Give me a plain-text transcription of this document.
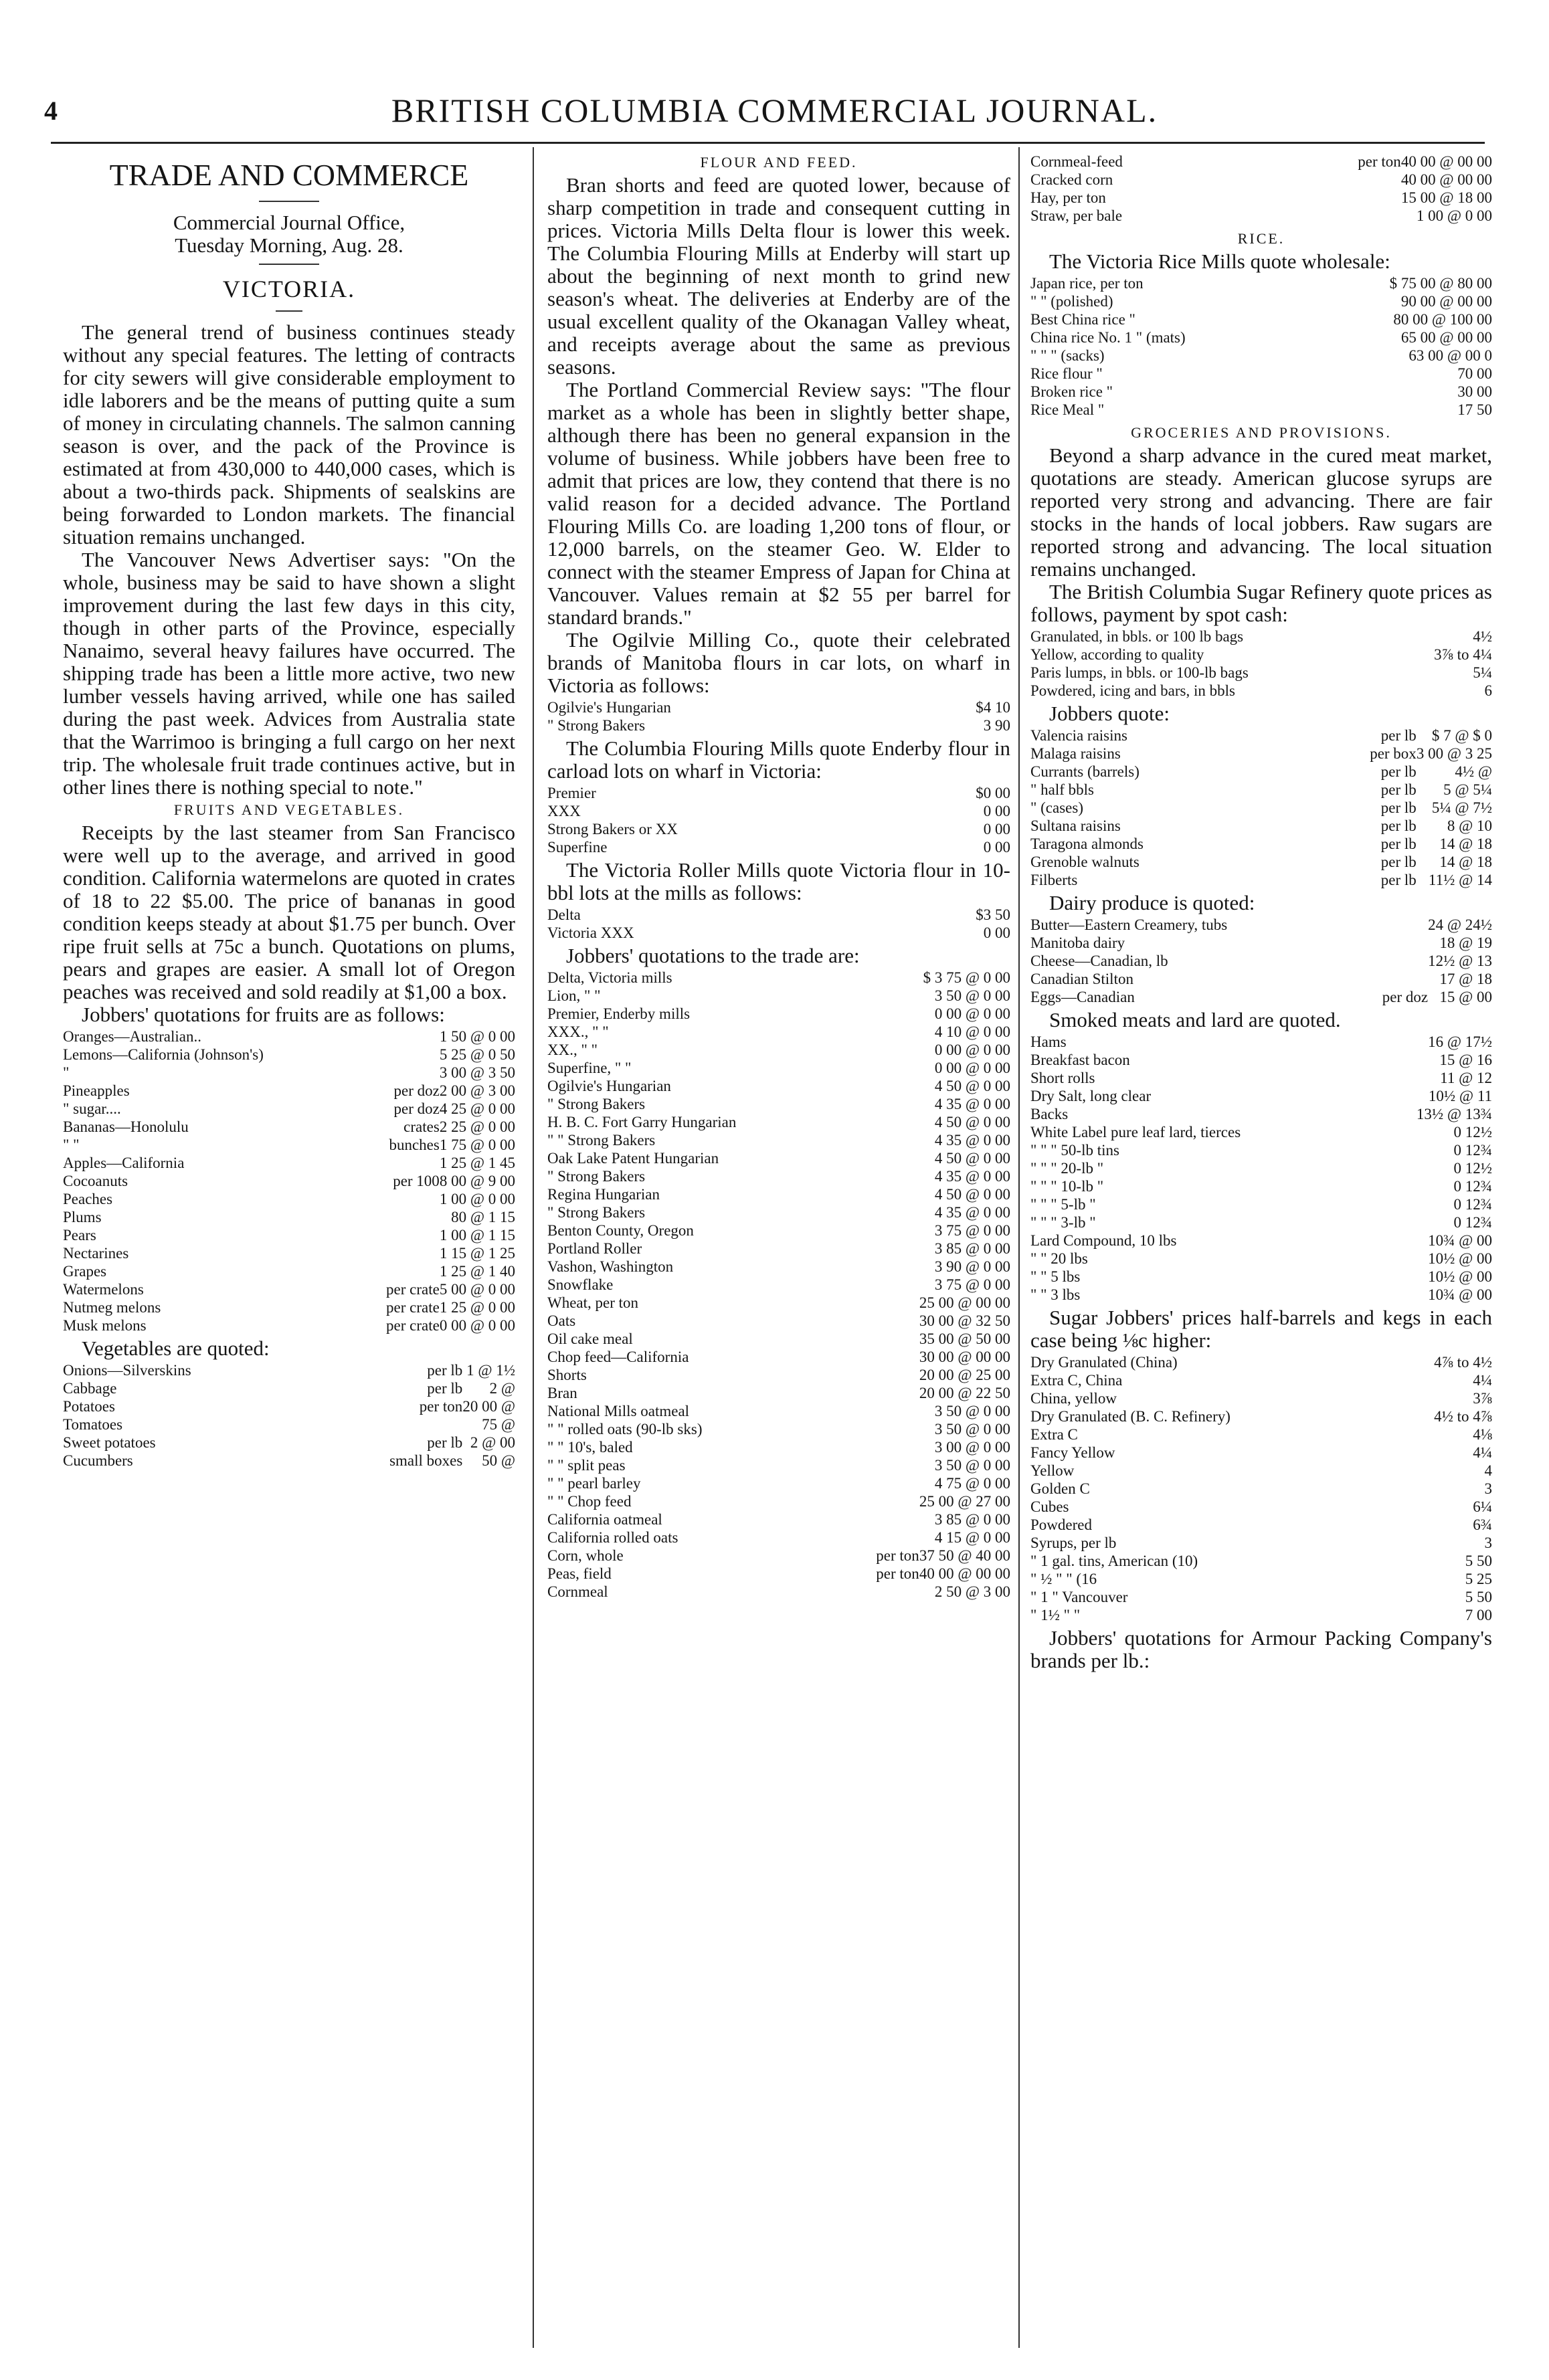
4	BRITISH COLUMBIA COMMERCIAL JOURNAL.

TRADE AND COMMERCE

Commercial Journal Office,

Tuesday Morning, Aug. 28.

VICTORIA.

The general trend of business continues steady without any special features. The letting of contracts for city sewers will give considerable employment to idle laborers and be the means of putting quite a sum of money in circulating channels. The salmon canning season is over, and the pack of the Province is estimated at from 430,000 to 440,000 cases, which is about a two-thirds pack. Shipments of sealskins are being forwarded to London markets. The financial situation remains unchanged.

The Vancouver News Advertiser says: "On the whole, business may be said to have shown a slight improvement during the last few days in this city, though in other parts of the Province, especially Nanaimo, several heavy failures have occurred. The shipping trade has been a little more active, two new lumber vessels having arrived, while one has sailed during the past week. Advices from Australia state that the Warrimoo is bringing a full cargo on her next trip. The wholesale fruit trade continues active, but in other lines there is nothing special to note."

FRUITS AND VEGETABLES.

Receipts by the last steamer from San Francisco were well up to the average, and arrived in good condition. California watermelons are quoted in crates of 18 to 22 $5.00. The price of bananas in good condition keeps steady at about $1.75 per bunch. Over ripe fruit sells at 75c a bunch. Quotations on plums, pears and grapes are easier. A small lot of Oregon peaches was received and sold readily at $1,00 a box.

Jobbers' quotations for fruits are as follows:

Oranges—Australian..		1 50 @ 0 00
Lemons—California (Johnson's)		5 25 @ 0 50
"		3 00 @ 3 50
Pineapples	per doz	2 00 @ 3 00
" sugar....	per doz	4 25 @ 0 00
Bananas—Honolulu	crates	2 25 @ 0 00
" "	bunches	1 75 @ 0 00
Apples—California		1 25 @ 1 45
Cocoanuts	per 100	8 00 @ 9 00
Peaches		1 00 @ 0 00
Plums		80 @ 1 15
Pears		1 00 @ 1 15
Nectarines		1 15 @ 1 25
Grapes		1 25 @ 1 40
Watermelons	per crate	5 00 @ 0 00
Nutmeg melons	per crate	1 25 @ 0 00
Musk melons	per crate	0 00 @ 0 00

Vegetables are quoted:

Onions—Silverskins	per lb	1 @ 1½
Cabbage	per lb	2 @
Potatoes	per ton	20 00 @
Tomatoes		75 @
Sweet potatoes	per lb	2 @ 00
Cucumbers	small boxes	50 @

FLOUR AND FEED.

Bran shorts and feed are quoted lower, because of sharp competition in trade and consequent cutting in prices. Victoria Mills Delta flour is lower this week. The Columbia Flouring Mills at Enderby will start up about the beginning of next month to grind new season's wheat. The deliveries at Enderby are of the usual excellent quality of the Okanagan Valley wheat, and receipts average about the same as previous seasons.

The Portland Commercial Review says: "The flour market as a whole has been in slightly better shape, although there has been no general expansion in the volume of business. While jobbers have been free to admit that prices are low, they contend that there is no valid reason for a decided advance. The Portland Flouring Mills Co. are loading 1,200 tons of flour, or 12,000 barrels, on the steamer Geo. W. Elder to connect with the steamer Empress of Japan for China at Vancouver. Values remain at $2 55 per barrel for standard brands."

The Ogilvie Milling Co., quote their celebrated brands of Manitoba flours in car lots, on wharf in Victoria as follows:

Ogilvie's Hungarian		$4 10
" Strong Bakers		3 90

The Columbia Flouring Mills quote Enderby flour in carload lots on wharf in Victoria:

Premier		$0 00
XXX		0 00
Strong Bakers or XX		0 00
Superfine		0 00

The Victoria Roller Mills quote Victoria flour in 10-bbl lots at the mills as follows:

Delta		$3 50
Victoria XXX		0 00

Jobbers' quotations to the trade are:

Delta, Victoria mills		$ 3 75 @ 0 00
Lion, " "		3 50 @ 0 00
Premier, Enderby mills		0 00 @ 0 00
XXX., " "		4 10 @ 0 00
XX., " "		0 00 @ 0 00
Superfine, " "		0 00 @ 0 00
Ogilvie's Hungarian		4 50 @ 0 00
" Strong Bakers		4 35 @ 0 00
H. B. C. Fort Garry Hungarian		4 50 @ 0 00
" " Strong Bakers		4 35 @ 0 00
Oak Lake Patent Hungarian		4 50 @ 0 00
" Strong Bakers		4 35 @ 0 00
Regina Hungarian		4 50 @ 0 00
" Strong Bakers		4 35 @ 0 00
Benton County, Oregon		3 75 @ 0 00
Portland Roller		3 85 @ 0 00
Vashon, Washington		3 90 @ 0 00
Snowflake		3 75 @ 0 00
Wheat, per ton		25 00 @ 00 00
Oats		30 00 @ 32 50
Oil cake meal		35 00 @ 50 00
Chop feed—California		30 00 @ 00 00
Shorts		20 00 @ 25 00
Bran		20 00 @ 22 50
National Mills oatmeal		3 50 @ 0 00
" " rolled oats (90-lb sks)		3 50 @ 0 00
" " 10's, baled		3 00 @ 0 00
" " split peas		3 50 @ 0 00
" " pearl barley		4 75 @ 0 00
" " Chop feed		25 00 @ 27 00
California oatmeal		3 85 @ 0 00
California rolled oats		4 15 @ 0 00
Corn, whole	per ton	37 50 @ 40 00
Peas, field	per ton	40 00 @ 00 00
Cornmeal		2 50 @ 3 00
Cornmeal-feed	per ton	40 00 @ 00 00
Cracked corn		40 00 @ 00 00
Hay, per ton		15 00 @ 18 00
Straw, per bale		1 00 @ 0 00

RICE.

The Victoria Rice Mills quote wholesale:

Japan rice, per ton		$ 75 00 @ 80 00
" " (polished)		90 00 @ 00 00
Best China rice "		80 00 @ 100 00
China rice No. 1 " (mats)		65 00 @ 00 00
" " " (sacks)		63 00 @ 00 0
Rice flour "		70 00
Broken rice "		30 00
Rice Meal "		17 50

GROCERIES AND PROVISIONS.

Beyond a sharp advance in the cured meat market, quotations are steady. American glucose syrups are reported very strong and advancing. There are fair stocks in the hands of local jobbers. Raw sugars are reported strong and advancing. The local situation remains unchanged.

The British Columbia Sugar Refinery quote prices as follows, payment by spot cash:

Granulated, in bbls. or 100 lb bags		4½
Yellow, according to quality		3⅞ to 4¼
Paris lumps, in bbls. or 100-lb bags		5¼
Powdered, icing and bars, in bbls		6

Jobbers quote:

Valencia raisins	per lb	$ 7 @ $ 0
Malaga raisins	per box	3 00 @ 3 25
Currants (barrels)	per lb	4½ @
" half bbls	per lb	5 @ 5¼
" (cases)	per lb	5¼ @ 7½
Sultana raisins	per lb	8 @ 10
Taragona almonds	per lb	14 @ 18
Grenoble walnuts	per lb	14 @ 18
Filberts	per lb	11½ @ 14

Dairy produce is quoted:

Butter—Eastern Creamery, tubs		24 @ 24½
Manitoba dairy		18 @ 19
Cheese—Canadian, lb		12½ @ 13
Canadian Stilton		17 @ 18
Eggs—Canadian	per doz	15 @ 00

Smoked meats and lard are quoted.

Hams		16 @ 17½
Breakfast bacon		15 @ 16
Short rolls		11 @ 12
Dry Salt, long clear		10½ @ 11
Backs		13½ @ 13¾
White Label pure leaf lard, tierces		0 12½
" " " 50-lb tins		0 12¾
" " " 20-lb "		0 12½
" " " 10-lb "		0 12¾
" " " 5-lb "		0 12¾
" " " 3-lb "		0 12¾
Lard Compound, 10 lbs		10¾ @ 00
" " 20 lbs		10½ @ 00
" " 5 lbs		10½ @ 00
" " 3 lbs		10¾ @ 00

Sugar Jobbers' prices half-barrels and kegs in each case being ⅛c higher:

Dry Granulated (China)		4⅞ to 4½
Extra C, China		4¼
China, yellow		3⅞
Dry Granulated (B. C. Refinery)		4½ to 4⅞
Extra C		4⅛
Fancy Yellow		4¼
Yellow		4
Golden C		3
Cubes		6¼
Powdered		6¾
Syrups, per lb		3
" 1 gal. tins, American (10)		5 50
" ½ " " (16		5 25
" 1 " Vancouver		5 50
" 1½ " "		7 00

Jobbers' quotations for Armour Packing Company's brands per lb.:
